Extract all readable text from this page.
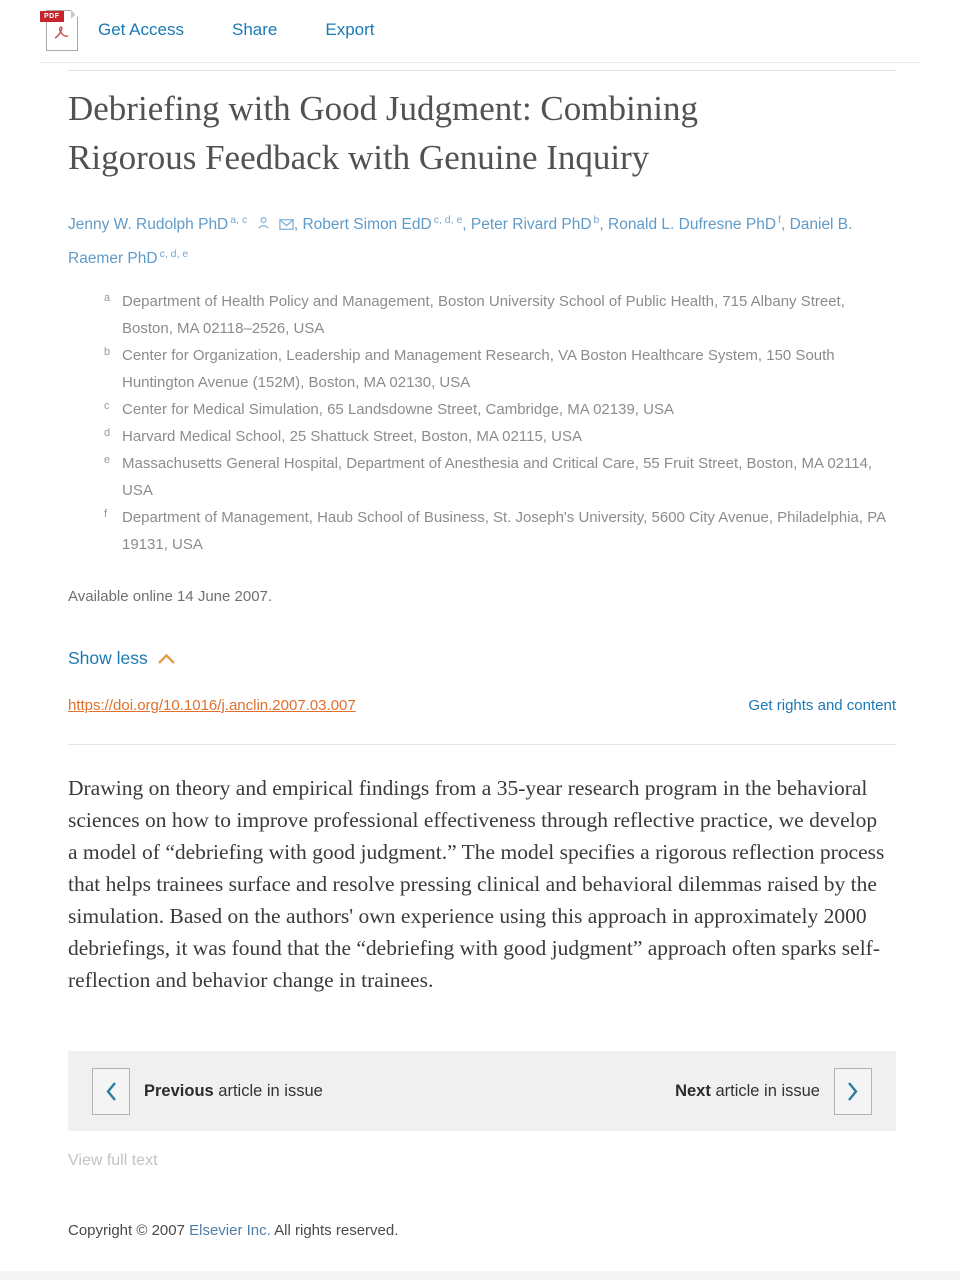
PDF
Get Access	Share	Export
Debriefing with Good Judgment: Combining Rigorous Feedback with Genuine Inquiry
Jenny W. Rudolph PhD $^{a, c}$	, Robert Simon EdD $^{c, d, e}$, Peter Rivard PhD $^b$, Ronald L. Dufresne PhD $^f$, Daniel B. Raemer PhD $^{c, d, e}$
a Department of Health Policy and Management, Boston University School of Public Health, 715 Albany Street, Boston, MA 02118–2526, USA
b Center for Organization, Leadership and Management Research, VA Boston Healthcare System, 150 South Huntington Avenue (152M), Boston, MA 02130, USA
c Center for Medical Simulation, 65 Landsdowne Street, Cambridge, MA 02139, USA
d Harvard Medical School, 25 Shattuck Street, Boston, MA 02115, USA
e Massachusetts General Hospital, Department of Anesthesia and Critical Care, 55 Fruit Street, Boston, MA 02114, USA
f Department of Management, Haub School of Business, St. Joseph's University, 5600 City Avenue, Philadelphia, PA 19131, USA
Available online 14 June 2007.
Show less
https://doi.org/10.1016/j.anclin.2007.03.007	Get rights and content

Drawing on theory and empirical findings from a 35-year research program in the behavioral sciences on how to improve professional effectiveness through reflective practice, we develop a model of “debriefing with good judgment.” The model specifies a rigorous reflection process that helps trainees surface and resolve pressing clinical and behavioral dilemmas raised by the simulation. Based on the authors' own experience using this approach in approximately 2000 debriefings, it was found that the “debriefing with good judgment” approach often sparks self-reflection and behavior change in trainees.

Previous article in issue	Next article in issue
View full text
Copyright © 2007 Elsevier Inc. All rights reserved.
